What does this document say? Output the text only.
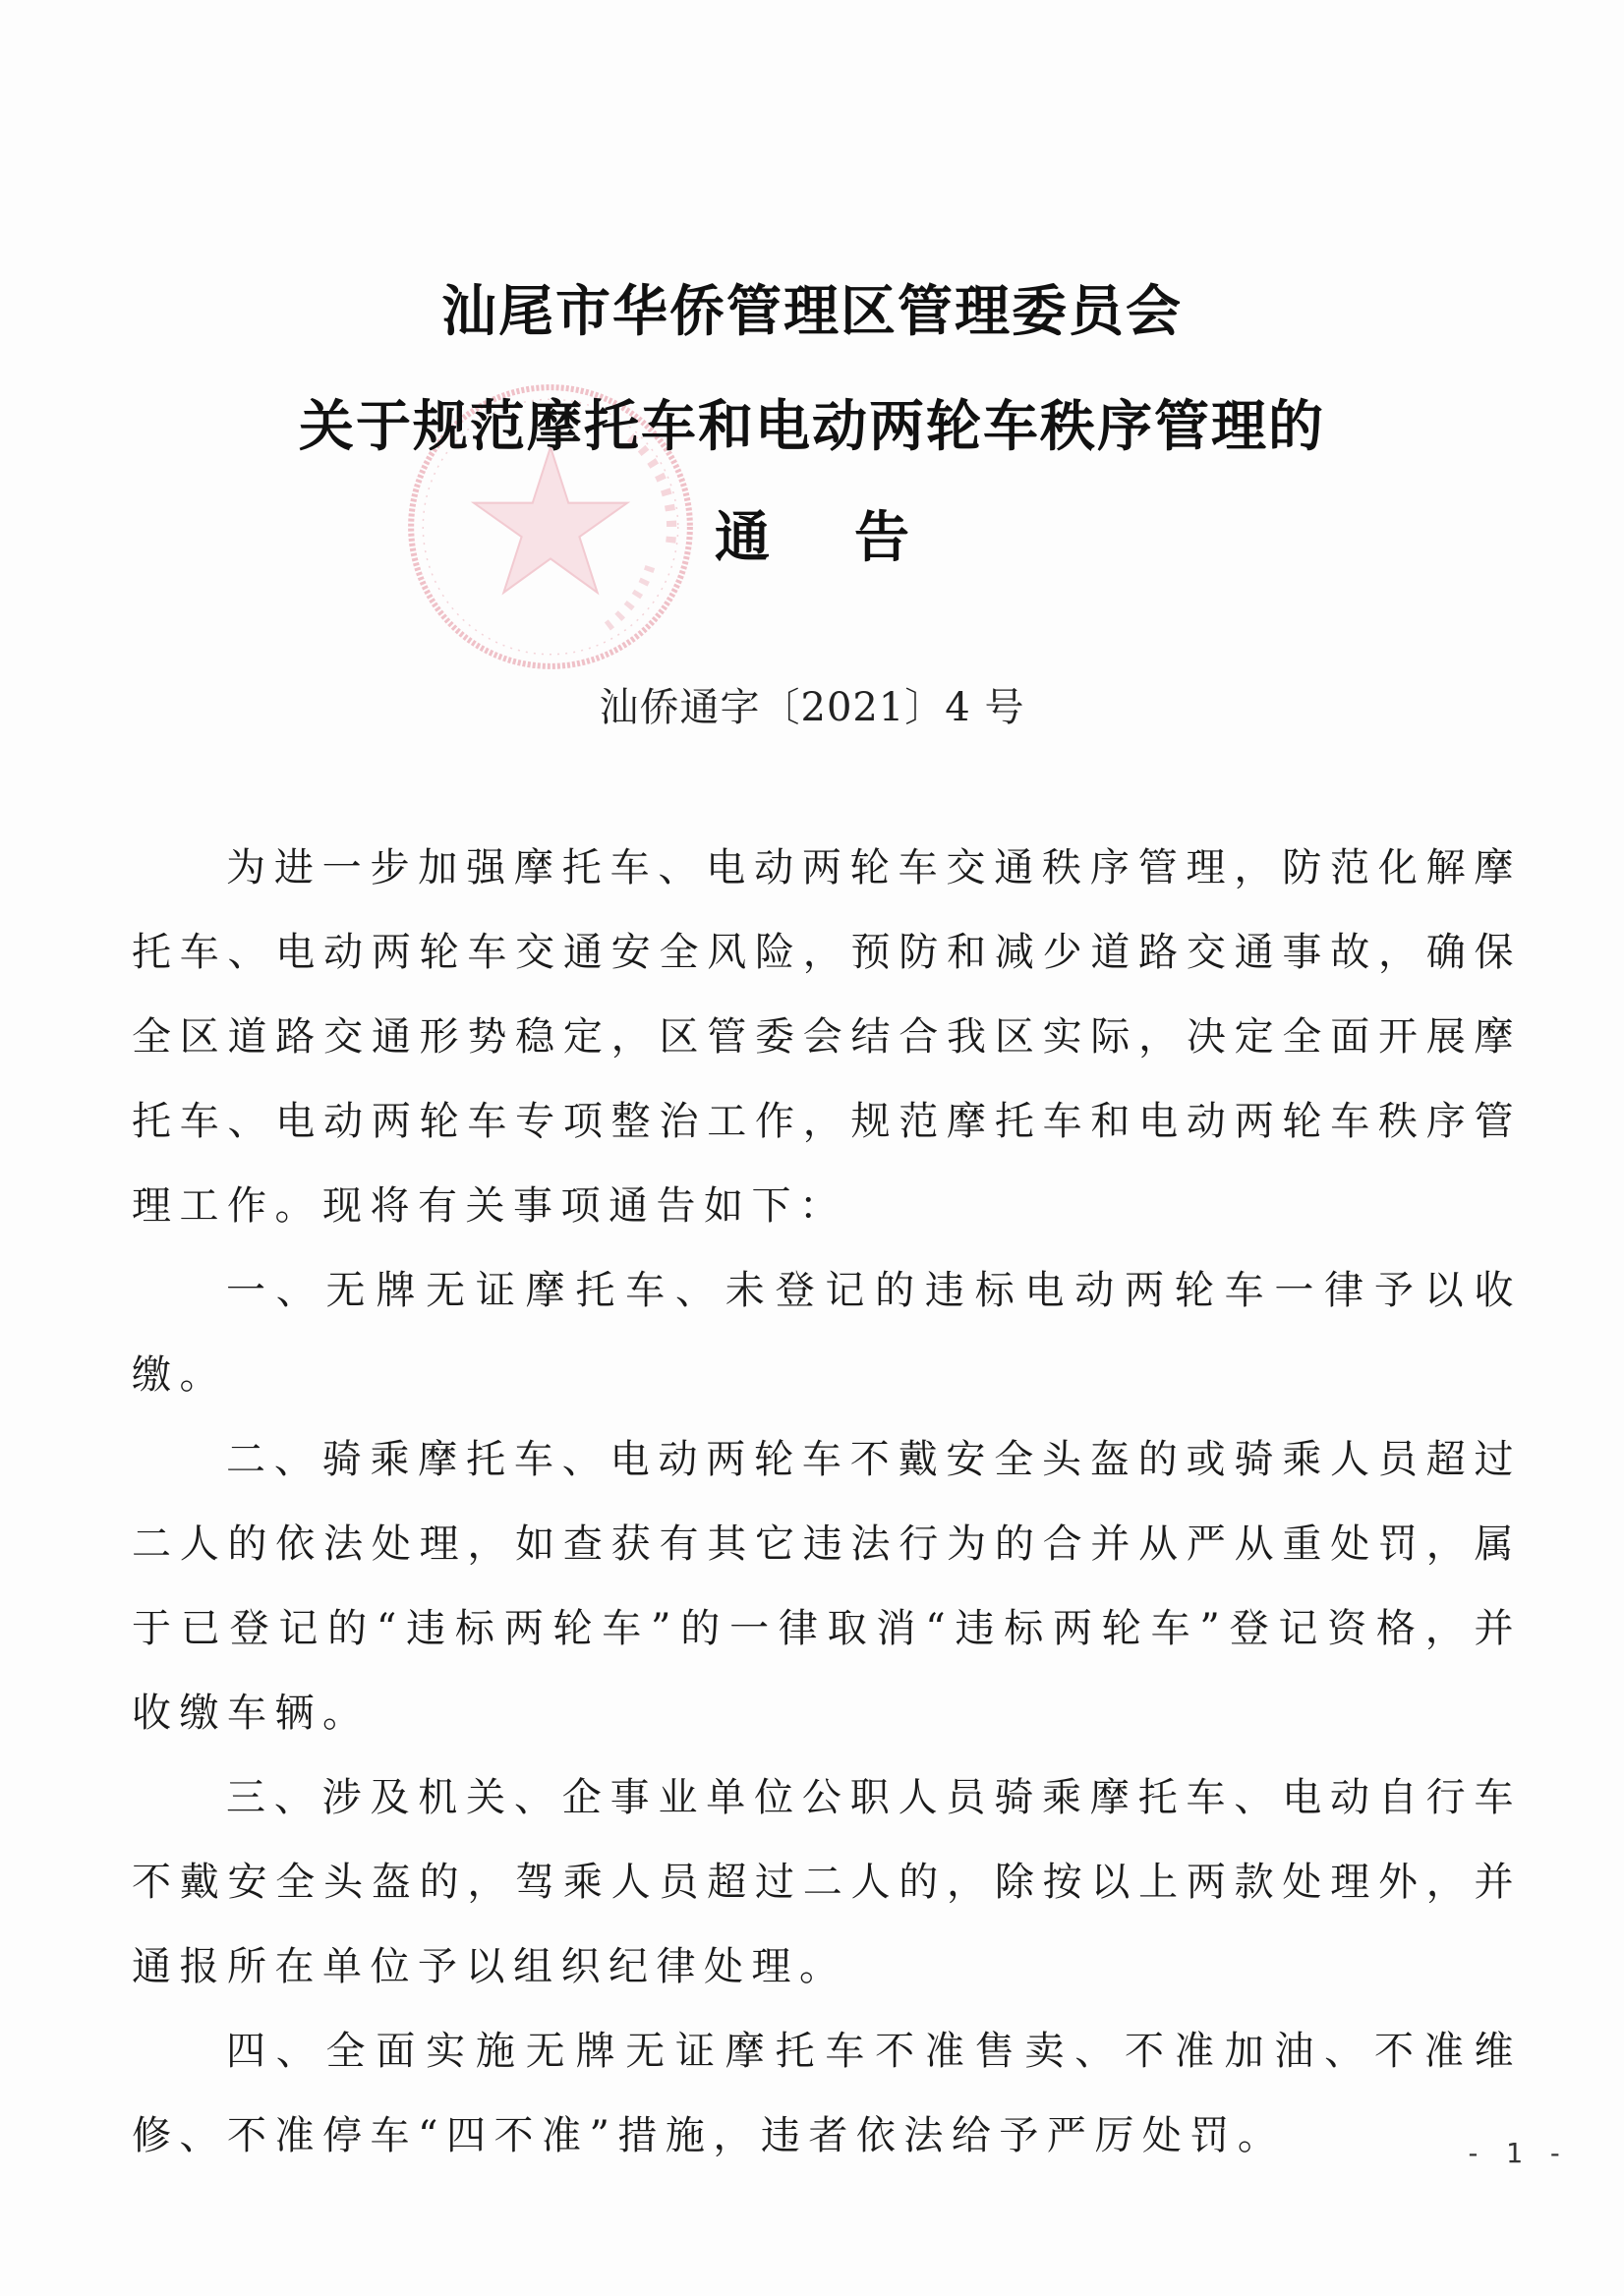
汕尾市华侨管理区管理委员会
关于规范摩托车和电动两轮车秩序管理的
通告
汕侨通字〔2021〕4 号

为进一步加强摩托车、电动两轮车交通秩序管理，防范化解摩托车、电动两轮车交通安全风险，预防和减少道路交通事故，确保全区道路交通形势稳定，区管委会结合我区实际，决定全面开展摩托车、电动两轮车专项整治工作，规范摩托车和电动两轮车秩序管理工作。现将有关事项通告如下：

一、无牌无证摩托车、未登记的违标电动两轮车一律予以收缴。

二、骑乘摩托车、电动两轮车不戴安全头盔的或骑乘人员超过二人的依法处理，如查获有其它违法行为的合并从严从重处罚，属于已登记的“违标两轮车”的一律取消“违标两轮车”登记资格，并收缴车辆。

三、涉及机关、企事业单位公职人员骑乘摩托车、电动自行车不戴安全头盔的，驾乘人员超过二人的，除按以上两款处理外，并通报所在单位予以组织纪律处理。

四、全面实施无牌无证摩托车不准售卖、不准加油、不准维修、不准停车“四不准”措施，违者依法给予严厉处罚。	- 1 -
